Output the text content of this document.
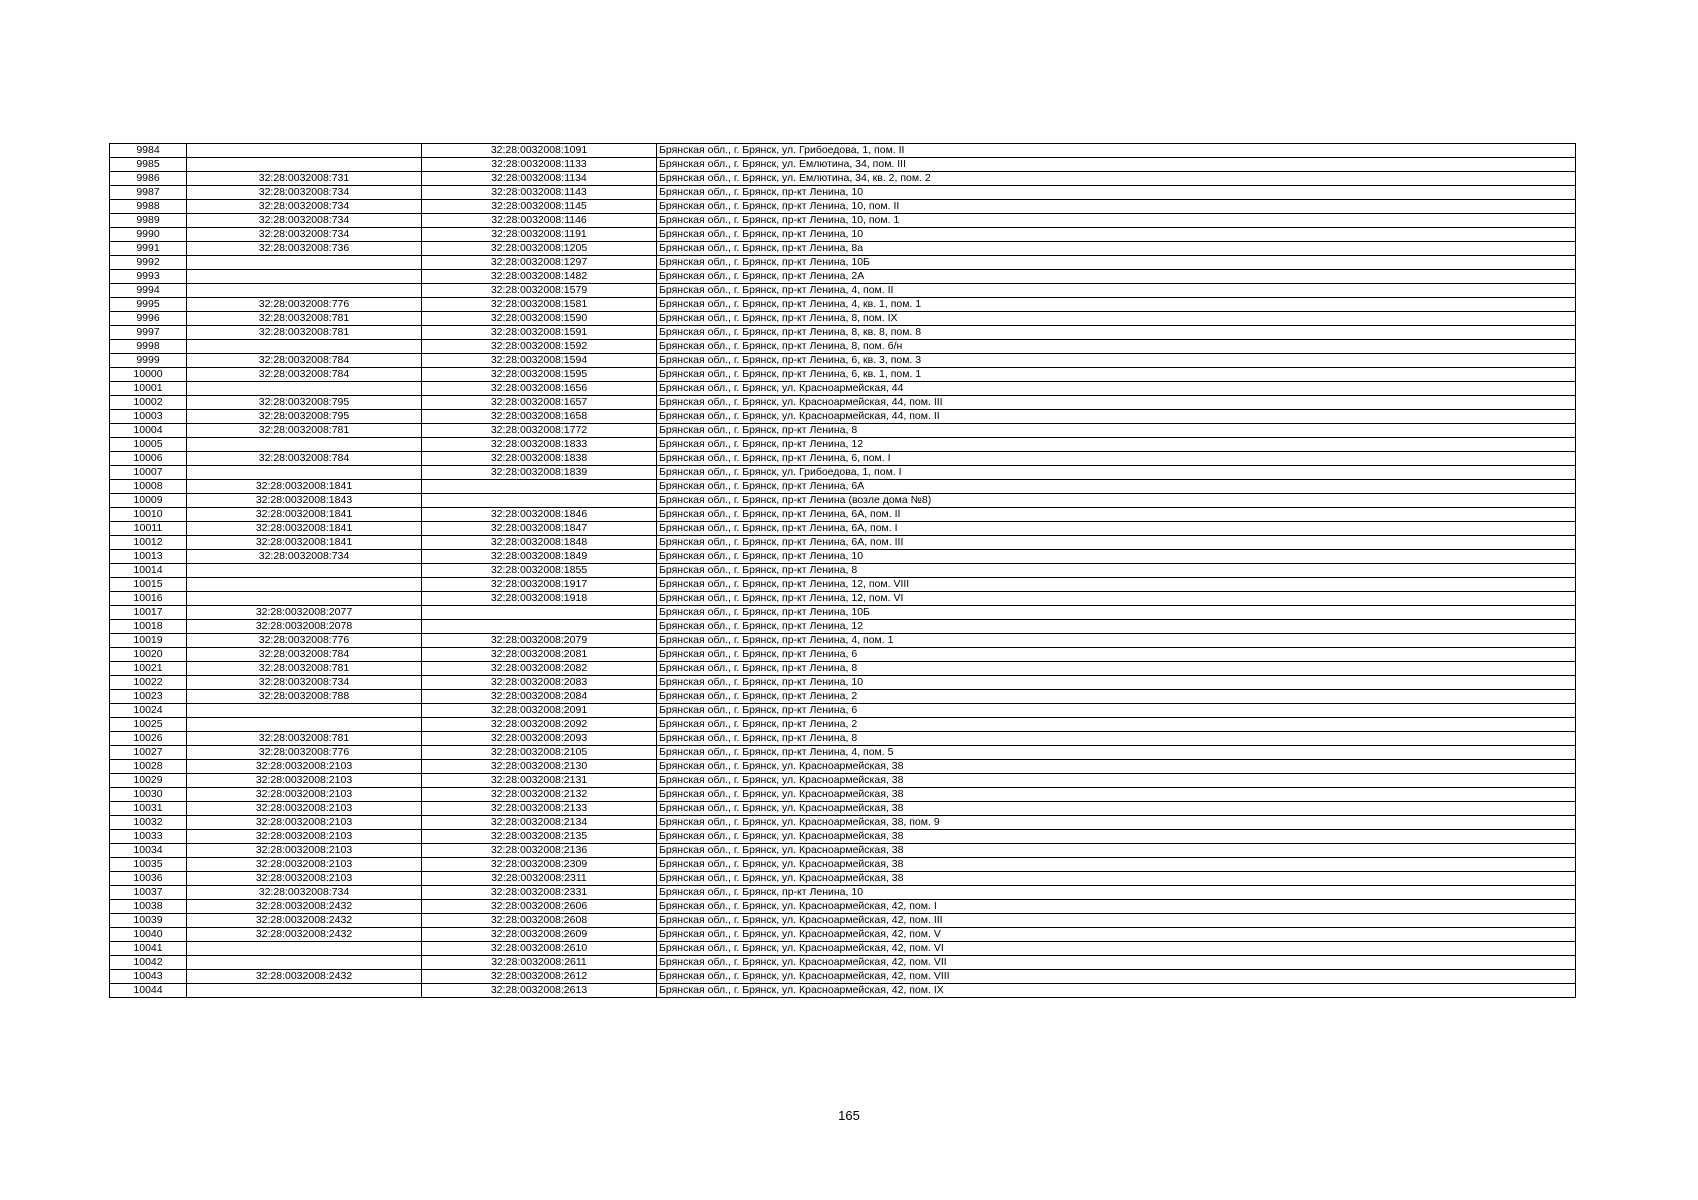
9984		32:28:0032008:1091	Брянская обл., г. Брянск, ул. Грибоедова, 1, пом. II
9985		32:28:0032008:1133	Брянская обл., г. Брянск, ул. Емлютина, 34, пом. III
9986	32:28:0032008:731	32:28:0032008:1134	Брянская обл., г. Брянск, ул. Емлютина, 34, кв. 2, пом. 2
9987	32:28:0032008:734	32:28:0032008:1143	Брянская обл., г. Брянск, пр-кт Ленина, 10
9988	32:28:0032008:734	32:28:0032008:1145	Брянская обл., г. Брянск, пр-кт Ленина, 10, пом. II
9989	32:28:0032008:734	32:28:0032008:1146	Брянская обл., г. Брянск, пр-кт Ленина, 10, пом. 1
9990	32:28:0032008:734	32:28:0032008:1191	Брянская обл., г. Брянск, пр-кт Ленина, 10
9991	32:28:0032008:736	32:28:0032008:1205	Брянская обл., г. Брянск, пр-кт Ленина, 8а
9992		32:28:0032008:1297	Брянская обл., г. Брянск, пр-кт Ленина, 10Б
9993		32:28:0032008:1482	Брянская обл., г. Брянск, пр-кт Ленина, 2А
9994		32:28:0032008:1579	Брянская обл., г. Брянск, пр-кт Ленина, 4, пом. II
9995	32:28:0032008:776	32:28:0032008:1581	Брянская обл., г. Брянск, пр-кт Ленина, 4, кв. 1, пом. 1
9996	32:28:0032008:781	32:28:0032008:1590	Брянская обл., г. Брянск, пр-кт Ленина, 8, пом. IX
9997	32:28:0032008:781	32:28:0032008:1591	Брянская обл., г. Брянск, пр-кт Ленина, 8, кв. 8, пом. 8
9998		32:28:0032008:1592	Брянская обл., г. Брянск, пр-кт Ленина, 8, пом. б/н
9999	32:28:0032008:784	32:28:0032008:1594	Брянская обл., г. Брянск, пр-кт Ленина, 6, кв. 3, пом. 3
10000	32:28:0032008:784	32:28:0032008:1595	Брянская обл., г. Брянск, пр-кт Ленина, 6, кв. 1, пом. 1
10001		32:28:0032008:1656	Брянская обл., г. Брянск, ул. Красноармейская, 44
10002	32:28:0032008:795	32:28:0032008:1657	Брянская обл., г. Брянск, ул. Красноармейская, 44, пом. III
10003	32:28:0032008:795	32:28:0032008:1658	Брянская обл., г. Брянск, ул. Красноармейская, 44, пом. II
10004	32:28:0032008:781	32:28:0032008:1772	Брянская обл., г. Брянск, пр-кт Ленина, 8
10005		32:28:0032008:1833	Брянская обл., г. Брянск, пр-кт Ленина, 12
10006	32:28:0032008:784	32:28:0032008:1838	Брянская обл., г. Брянск, пр-кт Ленина, 6, пом. I
10007		32:28:0032008:1839	Брянская обл., г. Брянск, ул. Грибоедова, 1, пом. I
10008	32:28:0032008:1841		Брянская обл., г. Брянск, пр-кт Ленина, 6А
10009	32:28:0032008:1843		Брянская обл., г. Брянск, пр-кт Ленина (возле дома №8)
10010	32:28:0032008:1841	32:28:0032008:1846	Брянская обл., г. Брянск, пр-кт Ленина, 6А, пом. II
10011	32:28:0032008:1841	32:28:0032008:1847	Брянская обл., г. Брянск, пр-кт Ленина, 6А, пом. I
10012	32:28:0032008:1841	32:28:0032008:1848	Брянская обл., г. Брянск, пр-кт Ленина, 6А, пом. III
10013	32:28:0032008:734	32:28:0032008:1849	Брянская обл., г. Брянск, пр-кт Ленина, 10
10014		32:28:0032008:1855	Брянская обл., г. Брянск, пр-кт Ленина, 8
10015		32:28:0032008:1917	Брянская обл., г. Брянск, пр-кт Ленина, 12, пом. VIII
10016		32:28:0032008:1918	Брянская обл., г. Брянск, пр-кт Ленина, 12, пом. VI
10017	32:28:0032008:2077		Брянская обл., г. Брянск, пр-кт Ленина, 10Б
10018	32:28:0032008:2078		Брянская обл., г. Брянск, пр-кт Ленина, 12
10019	32:28:0032008:776	32:28:0032008:2079	Брянская обл., г. Брянск, пр-кт Ленина, 4, пом. 1
10020	32:28:0032008:784	32:28:0032008:2081	Брянская обл., г. Брянск, пр-кт Ленина, 6
10021	32:28:0032008:781	32:28:0032008:2082	Брянская обл., г. Брянск, пр-кт Ленина, 8
10022	32:28:0032008:734	32:28:0032008:2083	Брянская обл., г. Брянск, пр-кт Ленина, 10
10023	32:28:0032008:788	32:28:0032008:2084	Брянская обл., г. Брянск, пр-кт Ленина, 2
10024		32:28:0032008:2091	Брянская обл., г. Брянск, пр-кт Ленина, 6
10025		32:28:0032008:2092	Брянская обл., г. Брянск, пр-кт Ленина, 2
10026	32:28:0032008:781	32:28:0032008:2093	Брянская обл., г. Брянск, пр-кт Ленина, 8
10027	32:28:0032008:776	32:28:0032008:2105	Брянская обл., г. Брянск, пр-кт Ленина, 4, пом. 5
10028	32:28:0032008:2103	32:28:0032008:2130	Брянская обл., г. Брянск, ул. Красноармейская, 38
10029	32:28:0032008:2103	32:28:0032008:2131	Брянская обл., г. Брянск, ул. Красноармейская, 38
10030	32:28:0032008:2103	32:28:0032008:2132	Брянская обл., г. Брянск, ул. Красноармейская, 38
10031	32:28:0032008:2103	32:28:0032008:2133	Брянская обл., г. Брянск, ул. Красноармейская, 38
10032	32:28:0032008:2103	32:28:0032008:2134	Брянская обл., г. Брянск, ул. Красноармейская, 38, пом. 9
10033	32:28:0032008:2103	32:28:0032008:2135	Брянская обл., г. Брянск, ул. Красноармейская, 38
10034	32:28:0032008:2103	32:28:0032008:2136	Брянская обл., г. Брянск, ул. Красноармейская, 38
10035	32:28:0032008:2103	32:28:0032008:2309	Брянская обл., г. Брянск, ул. Красноармейская, 38
10036	32:28:0032008:2103	32:28:0032008:2311	Брянская обл., г. Брянск, ул. Красноармейская, 38
10037	32:28:0032008:734	32:28:0032008:2331	Брянская обл., г. Брянск, пр-кт Ленина, 10
10038	32:28:0032008:2432	32:28:0032008:2606	Брянская обл., г. Брянск, ул. Красноармейская, 42, пом. I
10039	32:28:0032008:2432	32:28:0032008:2608	Брянская обл., г. Брянск, ул. Красноармейская, 42, пом. III
10040	32:28:0032008:2432	32:28:0032008:2609	Брянская обл., г. Брянск, ул. Красноармейская, 42, пом. V
10041		32:28:0032008:2610	Брянская обл., г. Брянск, ул. Красноармейская, 42, пом. VI
10042		32:28:0032008:2611	Брянская обл., г. Брянск, ул. Красноармейская, 42, пом. VII
10043	32:28:0032008:2432	32:28:0032008:2612	Брянская обл., г. Брянск, ул. Красноармейская, 42, пом. VIII
10044		32:28:0032008:2613	Брянская обл., г. Брянск, ул. Красноармейская, 42, пом. IX
165
